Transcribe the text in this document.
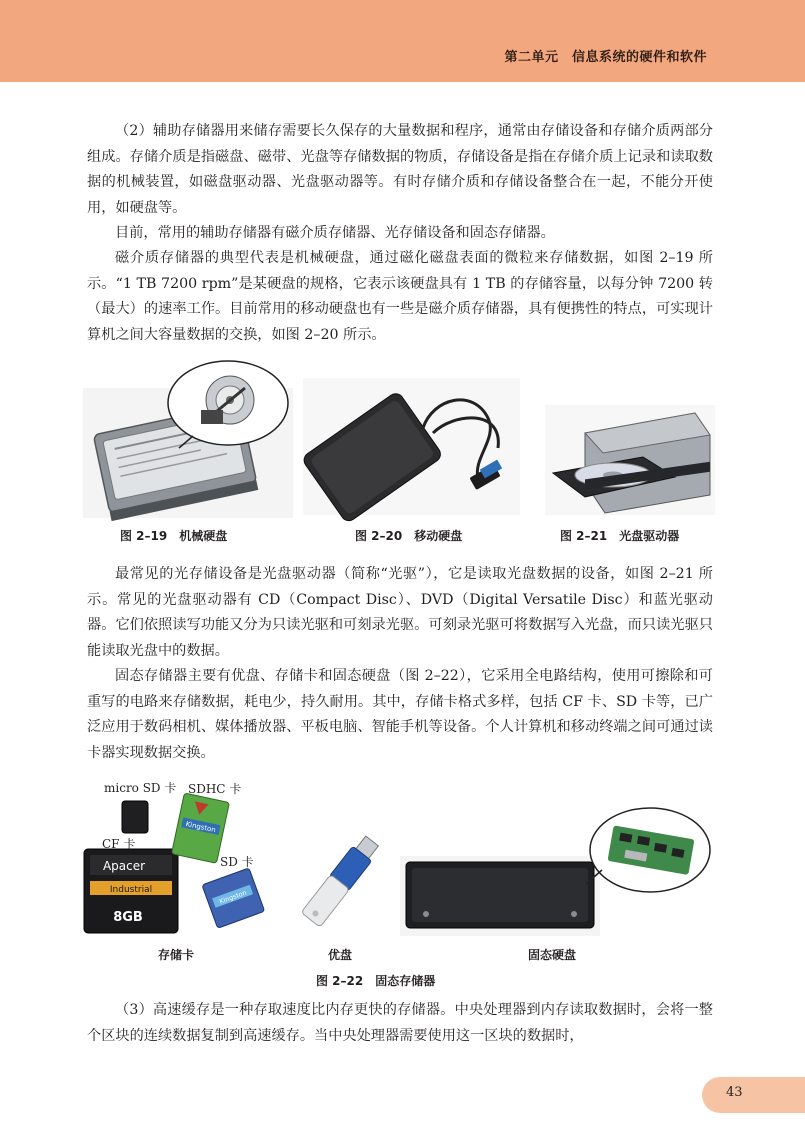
第二单元　信息系统的硬件和软件

（2）辅助存储器用来储存需要长久保存的大量数据和程序，通常由存储设备和存储介质两部分组成。存储介质是指磁盘、磁带、光盘等存储数据的物质，存储设备是指在存储介质上记录和读取数据的机械装置，如磁盘驱动器、光盘驱动器等。有时存储介质和存储设备整合在一起，不能分开使用，如硬盘等。

目前，常用的辅助存储器有磁介质存储器、光存储设备和固态存储器。

磁介质存储器的典型代表是机械硬盘，通过磁化磁盘表面的微粒来存储数据，如图 2–19 所示。“1 TB 7200 rpm”是某硬盘的规格，它表示该硬盘具有 1 TB 的存储容量，以每分钟 7200 转（最大）的速率工作。目前常用的移动硬盘也有一些是磁介质存储器，具有便携性的特点，可实现计算机之间大容量数据的交换，如图 2–20 所示。

图 2–19　机械硬盘	图 2–20　移动硬盘	图 2–21　光盘驱动器

最常见的光存储设备是光盘驱动器（简称“光驱”），它是读取光盘数据的设备，如图 2–21 所示。常见的光盘驱动器有 CD（Compact Disc）、DVD（Digital Versatile Disc）和蓝光驱动器。它们依照读写功能又分为只读光驱和可刻录光驱。可刻录光驱可将数据写入光盘，而只读光驱只能读取光盘中的数据。

固态存储器主要有优盘、存储卡和固态硬盘（图 2–22），它采用全电路结构，使用可擦除和可重写的电路来存储数据，耗电少，持久耐用。其中，存储卡格式多样，包括 CF 卡、SD 卡等，已广泛应用于数码相机、媒体播放器、平板电脑、智能手机等设备。个人计算机和移动终端之间可通过读卡器实现数据交换。

Apacer
Industrial
8GB
Kingston
Kingston
micro SD 卡 SDHC 卡
CF 卡
SD 卡
存储卡	优盘	固态硬盘
图 2–22　固态存储器

（3）高速缓存是一种存取速度比内存更快的存储器。中央处理器到内存读取数据时，会将一整个区块的连续数据复制到高速缓存。当中央处理器需要使用这一区块的数据时，

43
